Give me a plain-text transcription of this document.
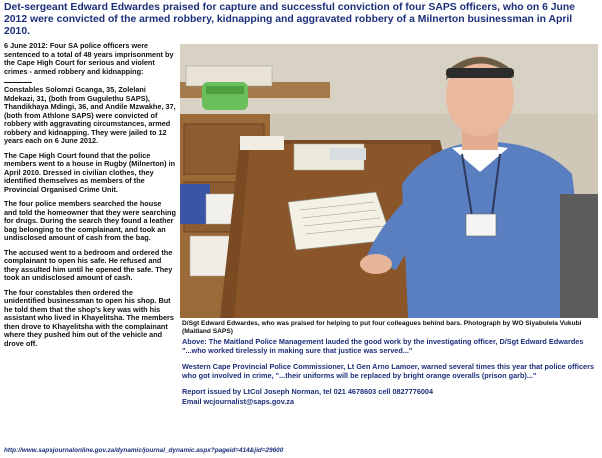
Det-sergeant Edward Edwardes praised for capture and successful conviction of four SAPS officers, who on 6 June 2012 were convicted of the armed robbery, kidnapping and aggravated robbery of a Milnerton businessman in April 2010.

6 June 2012: Four SA police officers were sentenced to a total of 48 years imprisonment by the Cape High Court for serious and violent crimes - armed robbery and kidnapping:

Constables Solomzi Gcanga, 35, Zolelani Mdekazi, 31, (both from Gugulethu SAPS), Thandikhaya Mdingi, 36, and Andile Mzwakhe, 37, (both from Athlone SAPS) were convicted of robbery with aggravating circumstances, armed robbery and kidnapping. They were jailed to 12 years each on 6 June 2012.

The Cape High Court found that the police members went to a house in Rugby (Milnerton) in April 2010. Dressed in civilian clothes, they identified themselves as members of the Provincial Organised Crime Unit.

The four police members searched the house and told the homeowner that they were searching for drugs. During the search they found a leather bag belonging to the complainant, and took an undisclosed amount of cash from the bag.

The accused went to a bedroom and ordered the complainant to open his safe. He refused and they assulted him until he opened the safe. They took an undisclosed amount of cash.

The four constables then ordered the unidentified businessman to open his shop. But he told them that the shop's key was with his assistant who lived in Khayelitsha. The members then drove to Khayelitsha with the complainant where they pushed him out of the vehicle and drove off.

D/Sgt Edward Edwardes, who was praised for helping to put four colleagues behind bars. Photograph by WO Siyabulela Vukubi (Maitland SAPS)

Above: The Maitland Police Management lauded the good work by the investigating officer, D/Sgt Edward Edwardes "...who worked tirelessly in making sure that justice was served..."

Western Cape Provincial Police Commissioner, Lt Gen Arno Lamoer, warned several times this year that police officers who got involved in crime, "...their uniforms will be replaced by bright orange overalls (prison garb)..."

Report issued by LtCol Joseph Norman, tel 021 4678603 cell 0827776004

Email wcjournalist@saps.gov.za

http://www.sapsjournalonline.gov.za/dynamic/journal_dynamic.aspx?pageid=414&jid=29600
